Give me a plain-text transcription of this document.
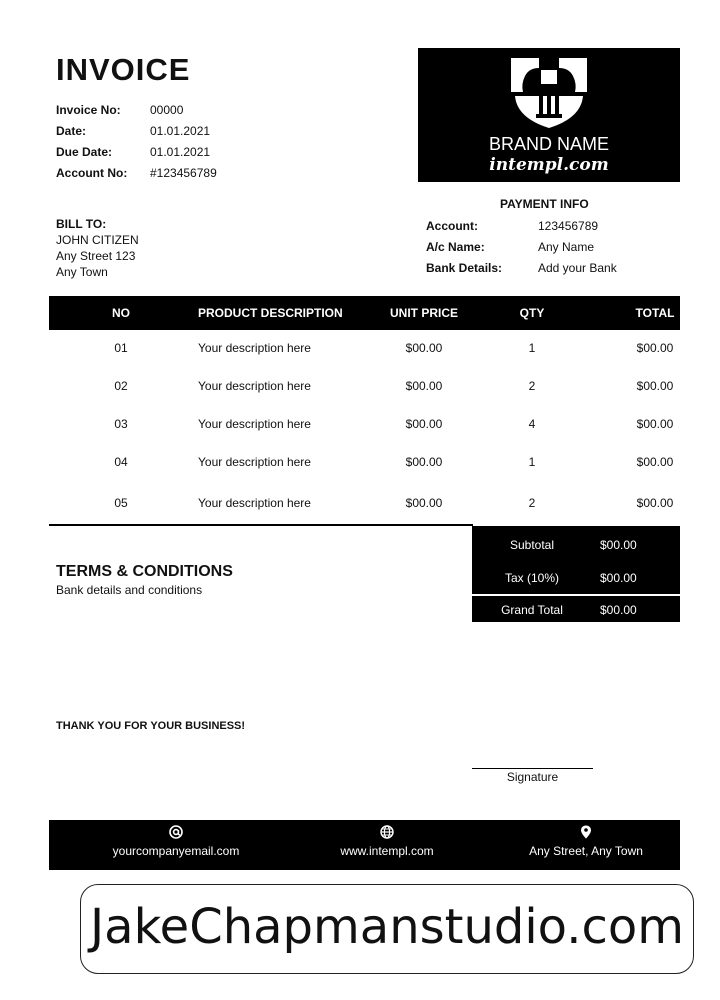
INVOICE
Invoice No:	00000
Date:	01.01.2021
Due Date:	01.01.2021
Account No:	#123456789
BRAND NAME
intempl.com
BILL TO:
JOHN CITIZEN
Any Street 123
Any Town
PAYMENT INFO
Account:	123456789
A/c Name:	Any Name
Bank Details:	Add your Bank
NO	PRODUCT DESCRIPTION	UNIT PRICE	QTY	TOTAL
01	Your description here	$00.00	1	$00.00
02	Your description here	$00.00	2	$00.00
03	Your description here	$00.00	4	$00.00
04	Your description here	$00.00	1	$00.00
05	Your description here	$00.00	2	$00.00
Subtotal	$00.00
Tax (10%)	$00.00
Grand Total	$00.00
TERMS & CONDITIONS
Bank details and conditions
THANK YOU FOR YOUR BUSINESS!
Signature
yourcompanyemail.com	www.intempl.com	Any Street, Any Town
JakeChapmanstudio.com
